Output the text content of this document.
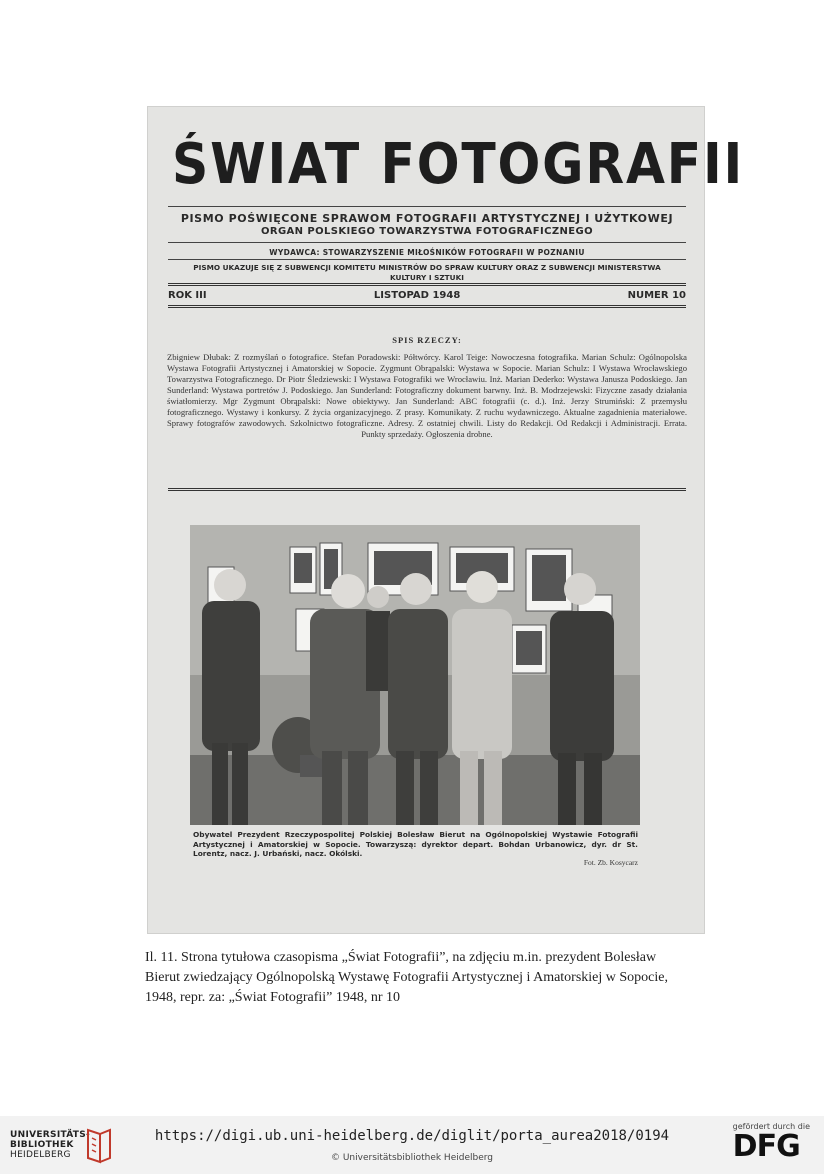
ŚWIAT FOTOGRAFII
PISMO POŚWIĘCONE SPRAWOM FOTOGRAFII ARTYSTYCZNEJ I UŻYTKOWEJ
ORGAN POLSKIEGO TOWARZYSTWA FOTOGRAFICZNEGO
WYDAWCA: STOWARZYSZENIE MIŁOŚNIKÓW FOTOGRAFII W POZNANIU
PISMO UKAZUJE SIĘ Z SUBWENCJI KOMITETU MINISTRÓW DO SPRAW KULTURY ORAZ Z SUBWENCJI MINISTERSTWA KULTURY I SZTUKI
ROK III	LISTOPAD 1948	NUMER 10
SPIS RZECZY:
Zbigniew Dłubak: Z rozmyślań o fotografice. Stefan Poradowski: Półtwórcy. Karol Teige: Nowoczesna fotografika. Marian Schulz: Ogólnopolska Wystawa Fotografii Artystycznej i Amatorskiej w Sopocie. Zygmunt Obrąpalski: Wystawa w Sopocie. Marian Schulz: I Wystawa Wrocławskiego Towarzystwa Fotograficznego. Dr Piotr Śledziewski: I Wystawa Fotografiki we Wrocławiu. Inż. Marian Dederko: Wystawa Janusza Podoskiego. Jan Sunderland: Wystawa portretów J. Podoskiego. Jan Sunderland: Fotograficzny dokument barwny. Inż. B. Modrzejewski: Fizyczne zasady działania światłomierzy. Mgr Zygmunt Obrąpalski: Nowe obiektywy. Jan Sunderland: ABC fotografii (c. d.). Inż. Jerzy Strumiński: Z przemysłu fotograficznego. Wystawy i konkursy. Z życia organizacyjnego. Z prasy. Komunikaty. Z ruchu wydawniczego. Aktualne zagadnienia materiałowe. Sprawy fotografów zawodowych. Szkolnictwo fotograficzne. Adresy. Z ostatniej chwili. Listy do Redakcji. Od Redakcji i Administracji. Errata. Punkty sprzedaży. Ogłoszenia drobne.
Obywatel Prezydent Rzeczypospolitej Polskiej Bolesław Bierut na Ogólnopolskiej Wystawie Fotografii Artystycznej i Amatorskiej w Sopocie. Towarzyszą: dyrektor depart. Bohdan Urbanowicz, dyr. dr St. Lorentz, nacz. J. Urbański, nacz. Okólski.
Fot. Zb. Kosycarz
Il. 11. Strona tytułowa czasopisma „Świat Fotografii”, na zdjęciu m.in. prezydent Bolesław Bierut zwiedzający Ogólnopolską Wystawę Fotografii Artystycznej i Amatorskiej w Sopocie, 1948, repr. za: „Świat Fotografii” 1948, nr 10
UNIVERSITÄTS-
BIBLIOTHEK
HEIDELBERG
https://digi.ub.uni-heidelberg.de/diglit/porta_aurea2018/0194
© Universitätsbibliothek Heidelberg
gefördert durch die
DFG
